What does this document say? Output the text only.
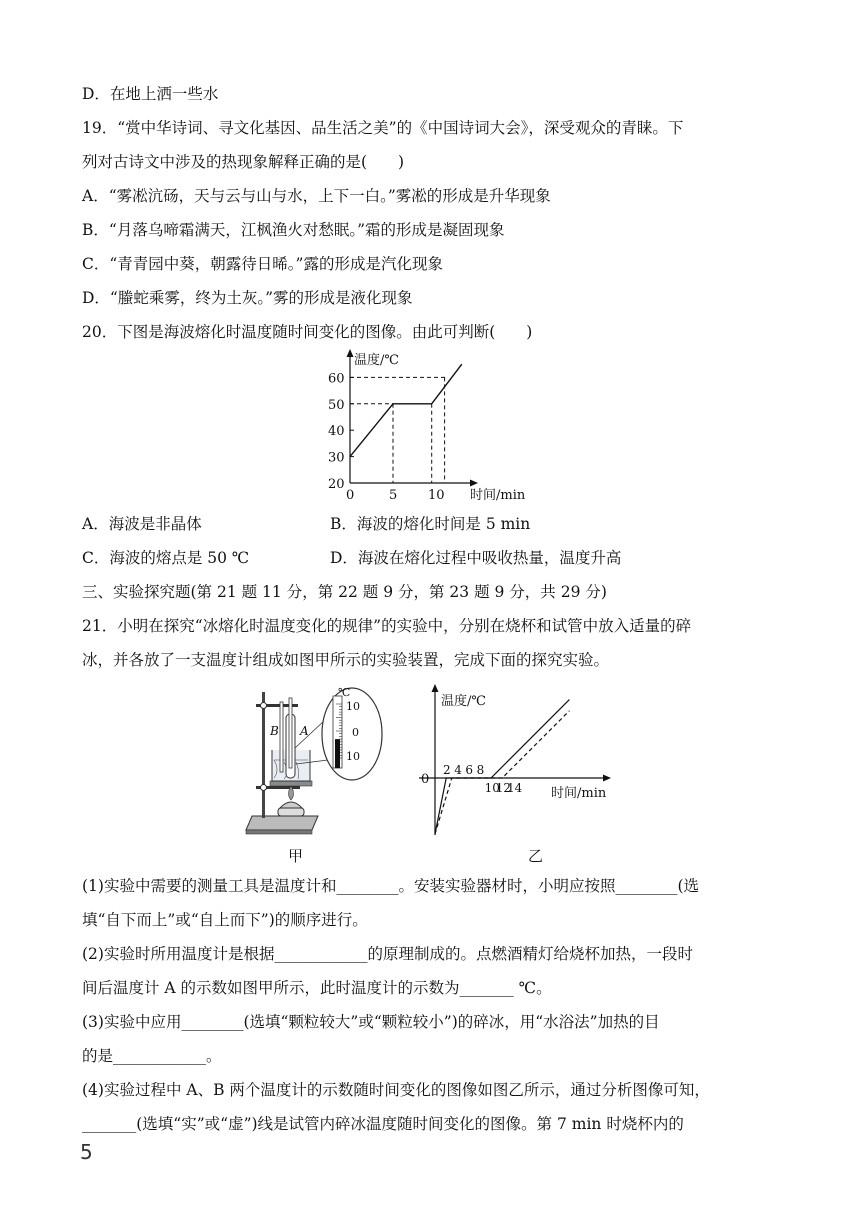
D．在地上洒一些水
19．“赏中华诗词、寻文化基因、品生活之美”的《中国诗词大会》，深受观众的青睐。下
列对古诗文中涉及的热现象解释正确的是(　　)
A．“雾凇沆砀，天与云与山与水，上下一白。”雾凇的形成是升华现象
B．“月落乌啼霜满天，江枫渔火对愁眠。”霜的形成是凝固现象
C．“青青园中葵，朝露待日晞。”露的形成是汽化现象
D．“螣蛇乘雾，终为土灰。”雾的形成是液化现象
20．下图是海波熔化时温度随时间变化的图像。由此可判断(　　)
温度/℃
时间/min
20
30
40
50
60
0	5 10
A．海波是非晶体	B．海波的熔化时间是 5 min
C．海波的熔点是 50 ℃	D．海波在熔化过程中吸收热量，温度升高
三、实验探究题(第 21 题 11 分，第 22 题 9 分，第 23 题 9 分，共 29 分)
21．小明在探究“冰熔化时温度变化的规律”的实验中，分别在烧杯和试管中放入适量的碎
冰，并各放了一支温度计组成如图甲所示的实验装置，完成下面的探究实验。
B A
℃
10
0
10
甲
温度/℃
时间/min
0
2 4 6 8
10
12
14
乙
(1)实验中需要的测量工具是温度计和________。安装实验器材时，小明应按照________(选
填“自下而上”或“自上而下”)的顺序进行。
(2)实验时所用温度计是根据____________的原理制成的。点燃酒精灯给烧杯加热，一段时
间后温度计 A 的示数如图甲所示，此时温度计的示数为_______ ℃。
(3)实验中应用________(选填“颗粒较大”或“颗粒较小”)的碎冰，用“水浴法”加热的目
的是____________。
(4)实验过程中 A、B 两个温度计的示数随时间变化的图像如图乙所示，通过分析图像可知，
_______(选填“实”或“虚”)线是试管内碎冰温度随时间变化的图像。第 7 min 时烧杯内的
5
